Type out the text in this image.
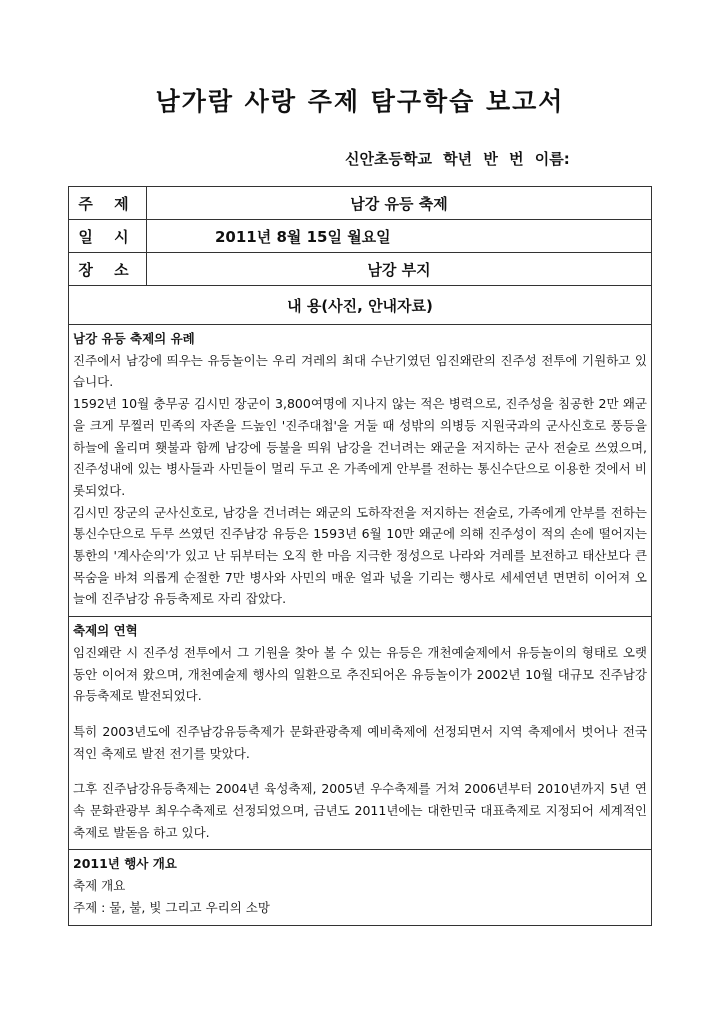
남가람 사랑 주제 탐구학습 보고서
신안초등학교 학년 반 번 이름:
주 제	남강 유등 축제
일 시	2011년 8월 15일 월요일
장 소	남강 부지
내 용(사진, 안내자료)	

남강 유등 축제의 유례

진주에서 남강에 띄우는 유등놀이는 우리 겨레의 최대 수난기였던 임진왜란의 진주성 전투에 기원하고 있습니다.

1592년 10월 충무공 김시민 장군이 3,800여명에 지나지 않는 적은 병력으로, 진주성을 침공한 2만 왜군을 크게 무찔러 민족의 자존을 드높인 '진주대첩'을 거둘 때 성밖의 의병등 지원국과의 군사신호로 풍등을 하늘에 올리며 횃불과 함께 남강에 등불을 띄워 남강을 건너려는 왜군을 저지하는 군사 전술로 쓰였으며, 진주성내에 있는 병사들과 사민들이 멀리 두고 온 가족에게 안부를 전하는 통신수단으로 이용한 것에서 비롯되었다.

김시민 장군의 군사신호로, 남강을 건너려는 왜군의 도하작전을 저지하는 전술로, 가족에게 안부를 전하는 통신수단으로 두루 쓰였던 진주남강 유등은 1593년 6월 10만 왜군에 의해 진주성이 적의 손에 떨어지는 통한의 '계사순의'가 있고 난 뒤부터는 오직 한 마음 지극한 정성으로 나라와 겨레를 보전하고 태산보다 큰 목숨을 바쳐 의롭게 순절한 7만 병사와 사민의 매운 얼과 넋을 기리는 행사로 세세연년 면면히 이어져 오늘에 진주남강 유등축제로 자리 잡았다.	

축제의 연혁

임진왜란 시 진주성 전투에서 그 기원을 찾아 볼 수 있는 유등은 개천예술제에서 유등놀이의 형태로 오랫동안 이어져 왔으며, 개천예술제 행사의 일환으로 추진되어온 유등놀이가 2002년 10월 대규모 진주남강유등축제로 발전되었다.

특히 2003년도에 진주남강유등축제가 문화관광축제 예비축제에 선정되면서 지역 축제에서 벗어나 전국적인 축제로 발전 전기를 맞았다.

그후 진주남강유등축제는 2004년 육성축제, 2005년 우수축제를 거쳐 2006년부터 2010년까지 5년 연속 문화관광부 최우수축제로 선정되었으며, 금년도 2011년에는 대한민국 대표축제로 지정되어 세계적인 축제로 발돋음 하고 있다.	

2011년 행사 개요

축제 개요

주제 : 물, 불, 빛 그리고 우리의 소망	
